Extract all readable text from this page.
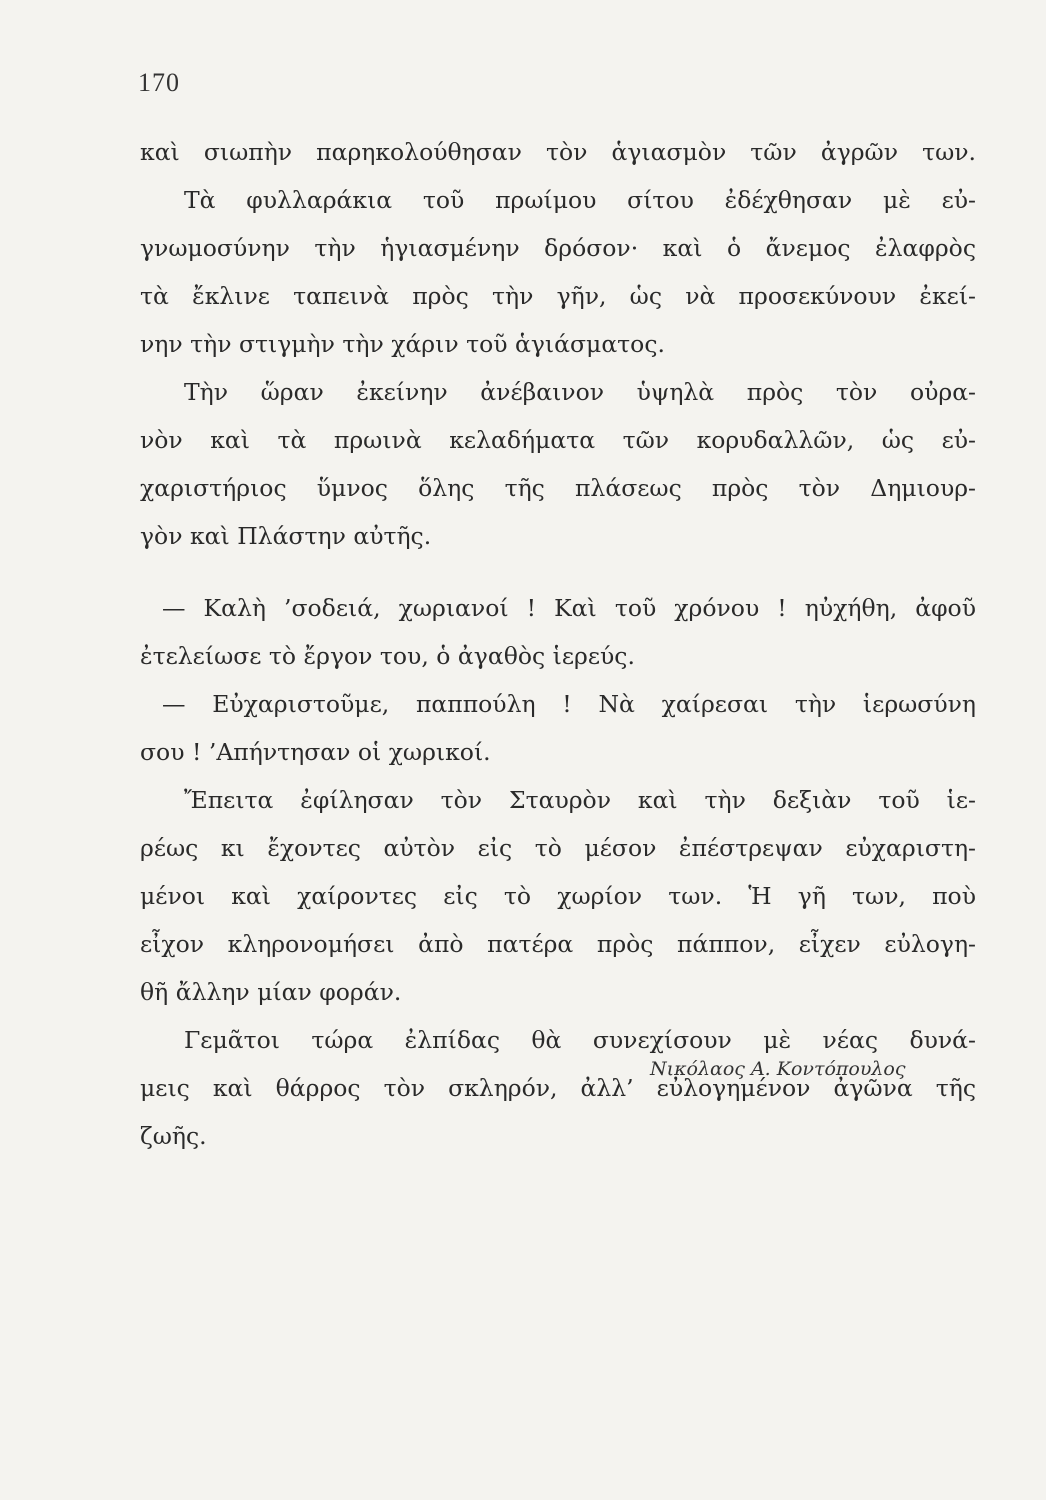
170
καὶ σιωπὴν παρηκολούθησαν τὸν ἁγιασμὸν τῶν ἀγρῶν των.
Τὰ φυλλαράκια τοῦ πρωίμου σίτου ἐδέχθησαν μὲ εὐ-
γνωμοσύνην τὴν ἡγιασμένην δρόσον· καὶ ὁ ἄνεμος ἐλαφρὸς
τὰ ἔκλινε ταπεινὰ πρὸς τὴν γῆν, ὡς νὰ προσεκύνουν ἐκεί-
νην τὴν στιγμὴν τὴν χάριν τοῦ ἁγιάσματος.
Τὴν ὥραν ἐκείνην ἀνέβαινον ὑψηλὰ πρὸς τὸν οὐρα-
νὸν καὶ τὰ πρωινὰ κελαδήματα τῶν κορυδαλλῶν, ὡς εὐ-
χαριστήριος ὕμνος ὅλης τῆς πλάσεως πρὸς τὸν Δημιουρ-
γὸν καὶ Πλάστην αὐτῆς.
— Καλὴ ’σοδειά, χωριανοί ! Καὶ τοῦ χρόνου ! ηὐχήθη, ἀφοῦ
ἐτελείωσε τὸ ἔργον του, ὁ ἀγαθὸς ἱερεύς.
— Εὐχαριστοῦμε, παππούλη ! Νὰ χαίρεσαι τὴν ἱερωσύνη
σου ! ’Απήντησαν οἱ χωρικοί.
Ἔπειτα ἐφίλησαν τὸν Σταυρὸν καὶ τὴν δεξιὰν τοῦ ἱε-
ρέως κι ἔχοντες αὐτὸν εἰς τὸ μέσον ἐπέστρεψαν εὐχαριστη-
μένοι καὶ χαίροντες εἰς τὸ χωρίον των. Ἡ γῆ των, ποὺ
εἶχον κληρονομήσει ἀπὸ πατέρα πρὸς πάππον, εἶχεν εὐλογη-
θῆ ἄλλην μίαν φοράν.
Γεμᾶτοι τώρα ἐλπίδας θὰ συνεχίσουν μὲ νέας δυνά-
μεις καὶ θάρρος τὸν σκληρόν, ἀλλ’ εὐλογημένον ἀγῶνα τῆς
ζωῆς.
Νικόλαος Α. Κοντόπουλος
